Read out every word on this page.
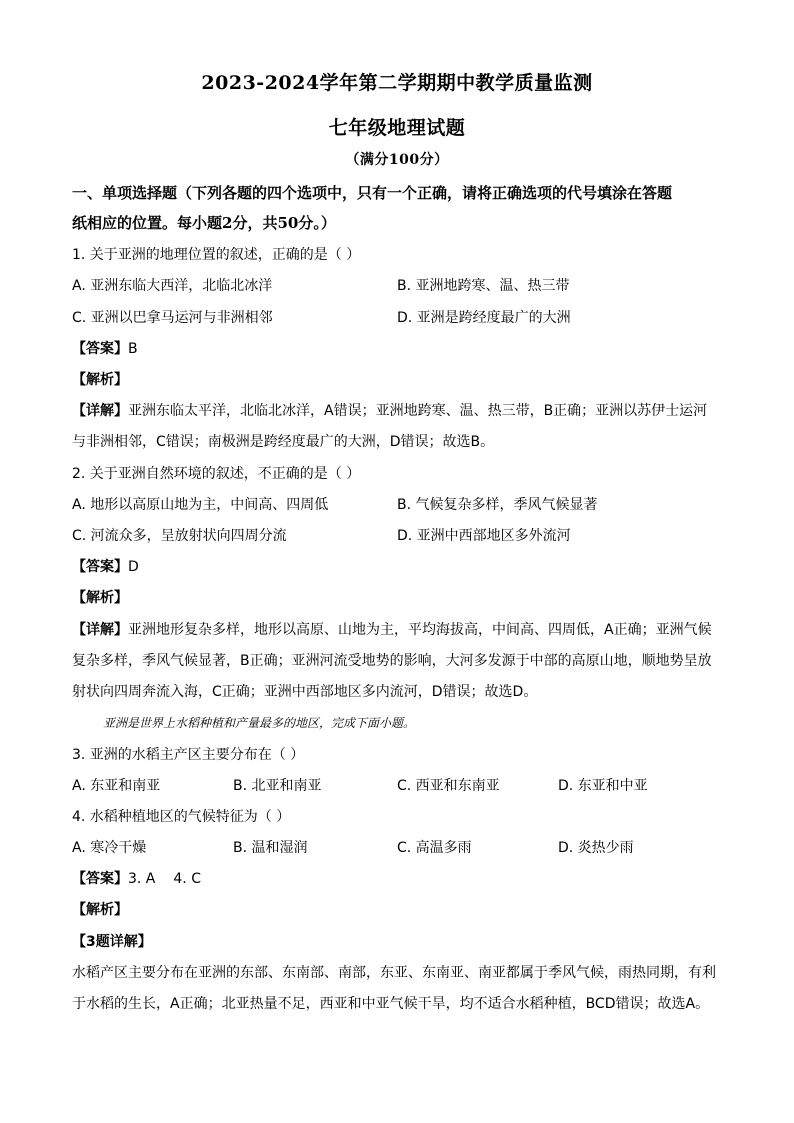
2023-2024学年第二学期期中教学质量监测
七年级地理试题
（满分100分）
一、单项选择题（下列各题的四个选项中，只有一个正确，请将正确选项的代号填涂在答题
纸相应的位置。每小题2分，共50分。）
1. 关于亚洲的地理位置的叙述，正确的是（ ）
A. 亚洲东临大西洋，北临北冰洋	B. 亚洲地跨寒、温、热三带
C. 亚洲以巴拿马运河与非洲相邻	D. 亚洲是跨经度最广的大洲
【答案】B
【解析】
【详解】亚洲东临太平洋，北临北冰洋，A错误；亚洲地跨寒、温、热三带，B正确；亚洲以苏伊士运河
与非洲相邻，C错误；南极洲是跨经度最广的大洲，D错误；故选B。
2. 关于亚洲自然环境的叙述，不正确的是（ ）
A. 地形以高原山地为主，中间高、四周低	B. 气候复杂多样，季风气候显著
C. 河流众多，呈放射状向四周分流	D. 亚洲中西部地区多外流河
【答案】D
【解析】
【详解】亚洲地形复杂多样，地形以高原、山地为主，平均海拔高，中间高、四周低，A正确；亚洲气候
复杂多样，季风气候显著，B正确；亚洲河流受地势的影响，大河多发源于中部的高原山地，顺地势呈放
射状向四周奔流入海，C正确；亚洲中西部地区多内流河，D错误；故选D。
亚洲是世界上水稻种植和产量最多的地区，完成下面小题。
3. 亚洲的水稻主产区主要分布在（ ）
A. 东亚和南亚	B. 北亚和南亚	C. 西亚和东南亚	D. 东亚和中亚
4. 水稻种植地区的气候特征为（ ）
A. 寒冷干燥	B. 温和湿润	C. 高温多雨	D. 炎热少雨
【答案】3. A 4. C
【解析】
【3题详解】
水稻产区主要分布在亚洲的东部、东南部、南部，东亚、东南亚、南亚都属于季风气候，雨热同期，有利
于水稻的生长，A正确；北亚热量不足，西亚和中亚气候干旱，均不适合水稻种植，BCD错误；故选A。
